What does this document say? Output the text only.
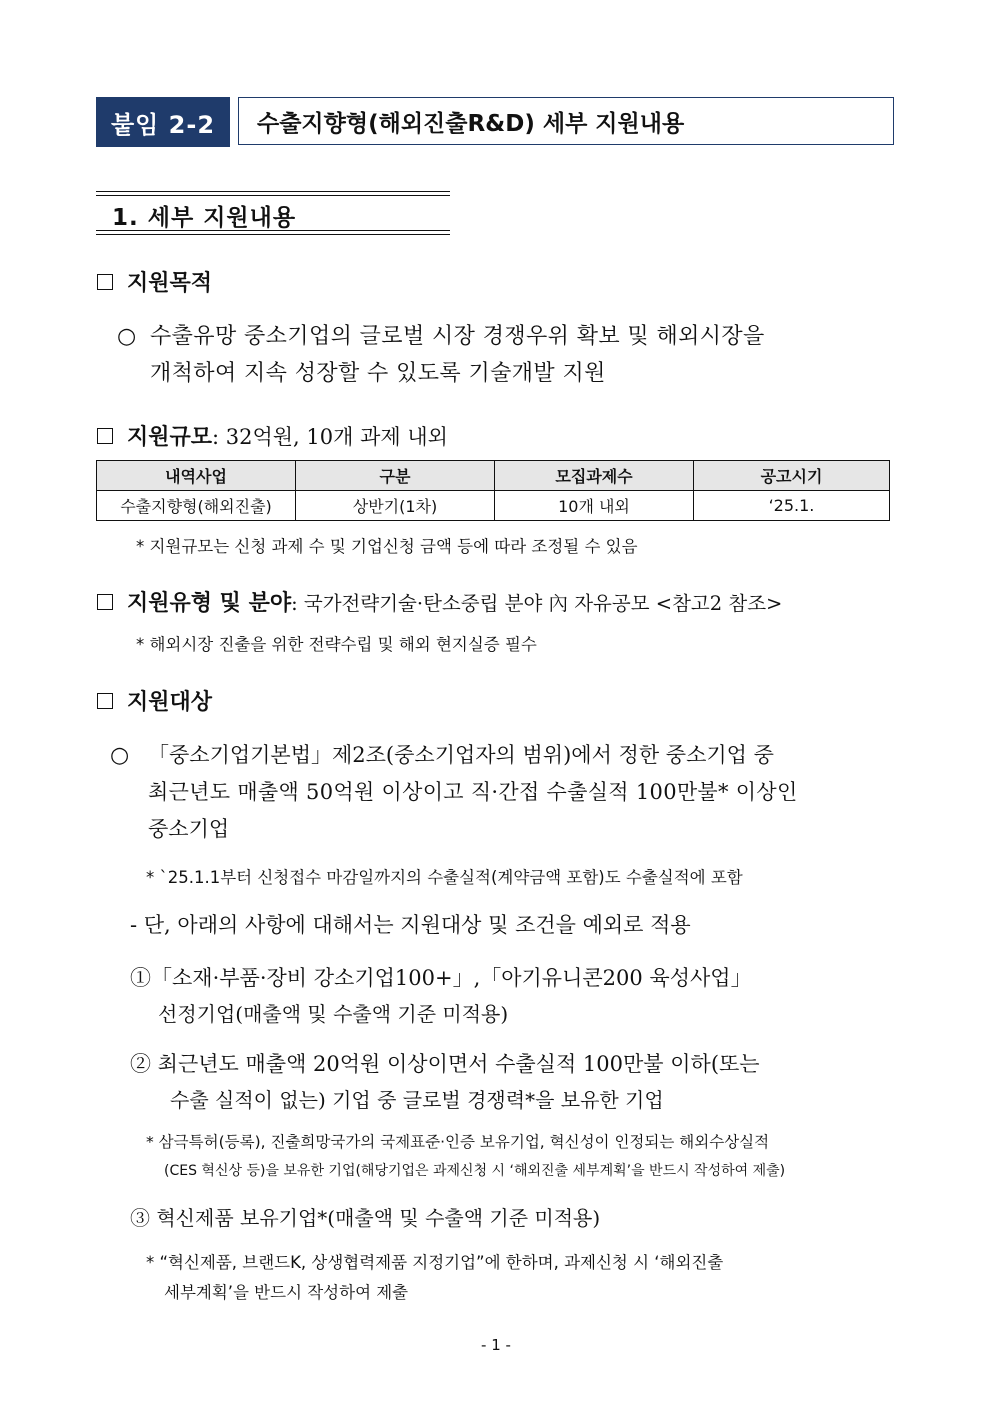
붙임 2-2	수출지향형(해외진출R&D) 세부 지원내용
1. 세부 지원내용
지원목적
○ 수출유망 중소기업의 글로벌 시장 경쟁우위 확보 및 해외시장을
개척하여 지속 성장할 수 있도록 기술개발 지원
지원규모 : 32억원, 10개 과제 내외
내역사업	구분	모집과제수	공고시기
수출지향형(해외진출)	상반기(1차)	10개 내외	‘25.1.
* 지원규모는 신청 과제 수 및 기업신청 금액 등에 따라 조정될 수 있음
지원유형 및 분야 : 국가전략기술·탄소중립 분야 內 자유공모 <참고2 참조>
* 해외시장 진출을 위한 전략수립 및 해외 현지실증 필수
지원대상
○ 「중소기업기본법」제2조(중소기업자의 범위)에서 정한 중소기업 중
최근년도 매출액 50억원 이상이고 직·간접 수출실적 100만불* 이상인
중소기업
* `25.1.1부터 신청접수 마감일까지의 수출실적(계약금액 포함)도 수출실적에 포함
- 단, 아래의 사항에 대해서는 지원대상 및 조건을 예외로 적용
①「소재·부품·장비 강소기업100+」,「아기유니콘200 육성사업」
선정기업(매출액 및 수출액 기준 미적용)
② 최근년도 매출액 20억원 이상이면서 수출실적 100만불 이하(또는
수출 실적이 없는) 기업 중 글로벌 경쟁력*을 보유한 기업
* 삼극특허(등록), 진출희망국가의 국제표준·인증 보유기업, 혁신성이 인정되는 해외수상실적
(CES 혁신상 등)을 보유한 기업(해당기업은 과제신청 시 ‘해외진출 세부계획’을 반드시 작성하여 제출)
③ 혁신제품 보유기업*(매출액 및 수출액 기준 미적용)
* “혁신제품, 브랜드K, 상생협력제품 지정기업”에 한하며, 과제신청 시 ‘해외진출
세부계획’을 반드시 작성하여 제출
- 1 -
